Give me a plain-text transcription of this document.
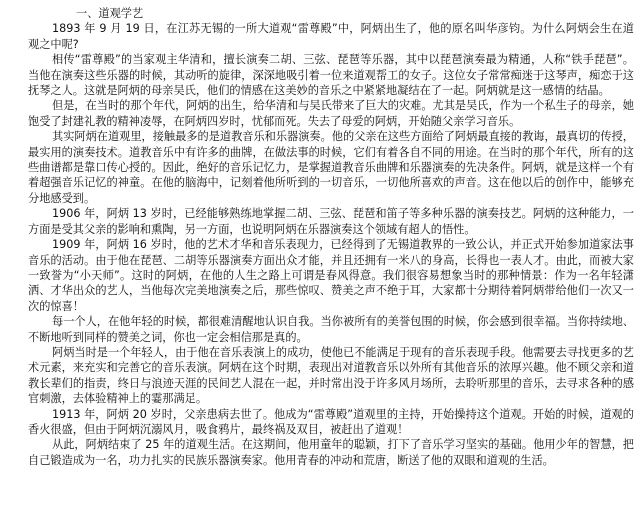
一、道观学艺

1893 年 9 月 19 日，在江苏无锡的一所大道观“雷尊殿”中，阿炳出生了，他的原名叫华彦钧。为什么阿炳会生在道观之中呢?

相传“雷尊殿”的当家观主华清和，擅长演奏二胡、三弦、琵琶等乐器，其中以琵琶演奏最为精通，人称“铁手琵琶”。当他在演奏这些乐器的时候，其动听的旋律，深深地吸引着一位来道观帮工的女子。这位女子常常痴迷于这琴声，痴恋于这抚琴之人。这就是阿炳的母亲吴氏，他们的情感在这美妙的音乐之中紧紧地凝结在了一起。阿炳就是这一感情的结晶。

但是，在当时的那个年代，阿炳的出生，给华清和与吴氏带来了巨大的灾难。尤其是吴氏，作为一个私生子的母亲，她饱受了封建礼教的精神凌辱，在阿炳四岁时，忧郁而死。失去了母爱的阿炳，开始随父亲学习音乐。

其实阿炳在道观里，接触最多的是道教音乐和乐器演奏。他的父亲在这些方面给了阿炳最直接的教诲，最真切的传授，最实用的演奏技术。道教音乐中有许多的曲牌，在做法事的时候，它们有着各自不同的用途。在当时的那个年代，所有的这些曲谱都是靠口传心授的。因此，绝好的音乐记忆力，是掌握道教音乐曲牌和乐器演奏的先决条件。阿炳，就是这样一个有着超强音乐记忆的神童。在他的脑海中，记刻着他所听到的一切音乐，一切他所喜欢的声音。这在他以后的创作中，能够充分地感受到。

1906 年，阿炳 13 岁时，已经能够熟练地掌握二胡、三弦、琵琶和笛子等多种乐器的演奏技艺。阿炳的这种能力，一方面是受其父亲的影响和熏陶，另一方面，也说明阿炳在乐器演奏这个领域有超人的悟性。

1909 年，阿炳 16 岁时，他的艺术才华和音乐表现力，已经得到了无锡道教界的一致公认，并正式开始参加道家法事音乐的活动。由于他在琵琶、二胡等乐器演奏方面出众才能，并且还拥有一米八的身高，长得也一表人才。由此，而被大家一致誉为“小天师”。这时的阿炳，在他的人生之路上可谓是春风得意。我们很容易想象当时的那种情景：作为一名年轻潇洒、才华出众的艺人，当他每次完美地演奏之后，那些惊叹、赞美之声不绝于耳，大家都十分期待着阿炳带给他们一次又一次的惊喜！

每一个人，在他年轻的时候，都很难清醒地认识自我。当你被所有的美誉包围的时候，你会感到很幸福。当你持续地、不断地听到同样的赞美之词，你也一定会相信那是真的。

阿炳当时是一个年轻人，由于他在音乐表演上的成功，使他已不能满足于现有的音乐表现手段。他需要去寻找更多的艺术元素，来充实和完善它的音乐表演。阿炳在这个时期，表现出对道教音乐以外所有其他音乐的浓厚兴趣。他不顾父亲和道教长辈们的指责，终日与浪迹天涯的民间艺人混在一起，并时常出没于许多风月场所，去聆听那里的音乐，去寻求各种的感官刺激，去体验精神上的霎那满足。

1913 年，阿炳 20 岁时，父亲患病去世了。他成为“雷尊殿”道观里的主持，开始操持这个道观。开始的时候，道观的香火很盛，但由于阿炳沉溺风月，吸食鸦片，最终祸及双目，被赶出了道观！

从此，阿炳结束了 25 年的道观生活。在这期间，他用童年的聪颖，打下了音乐学习坚实的基础。他用少年的智慧，把自己锻造成为一名，功力扎实的民族乐器演奏家。他用青春的冲动和荒唐，断送了他的双眼和道观的生活。
